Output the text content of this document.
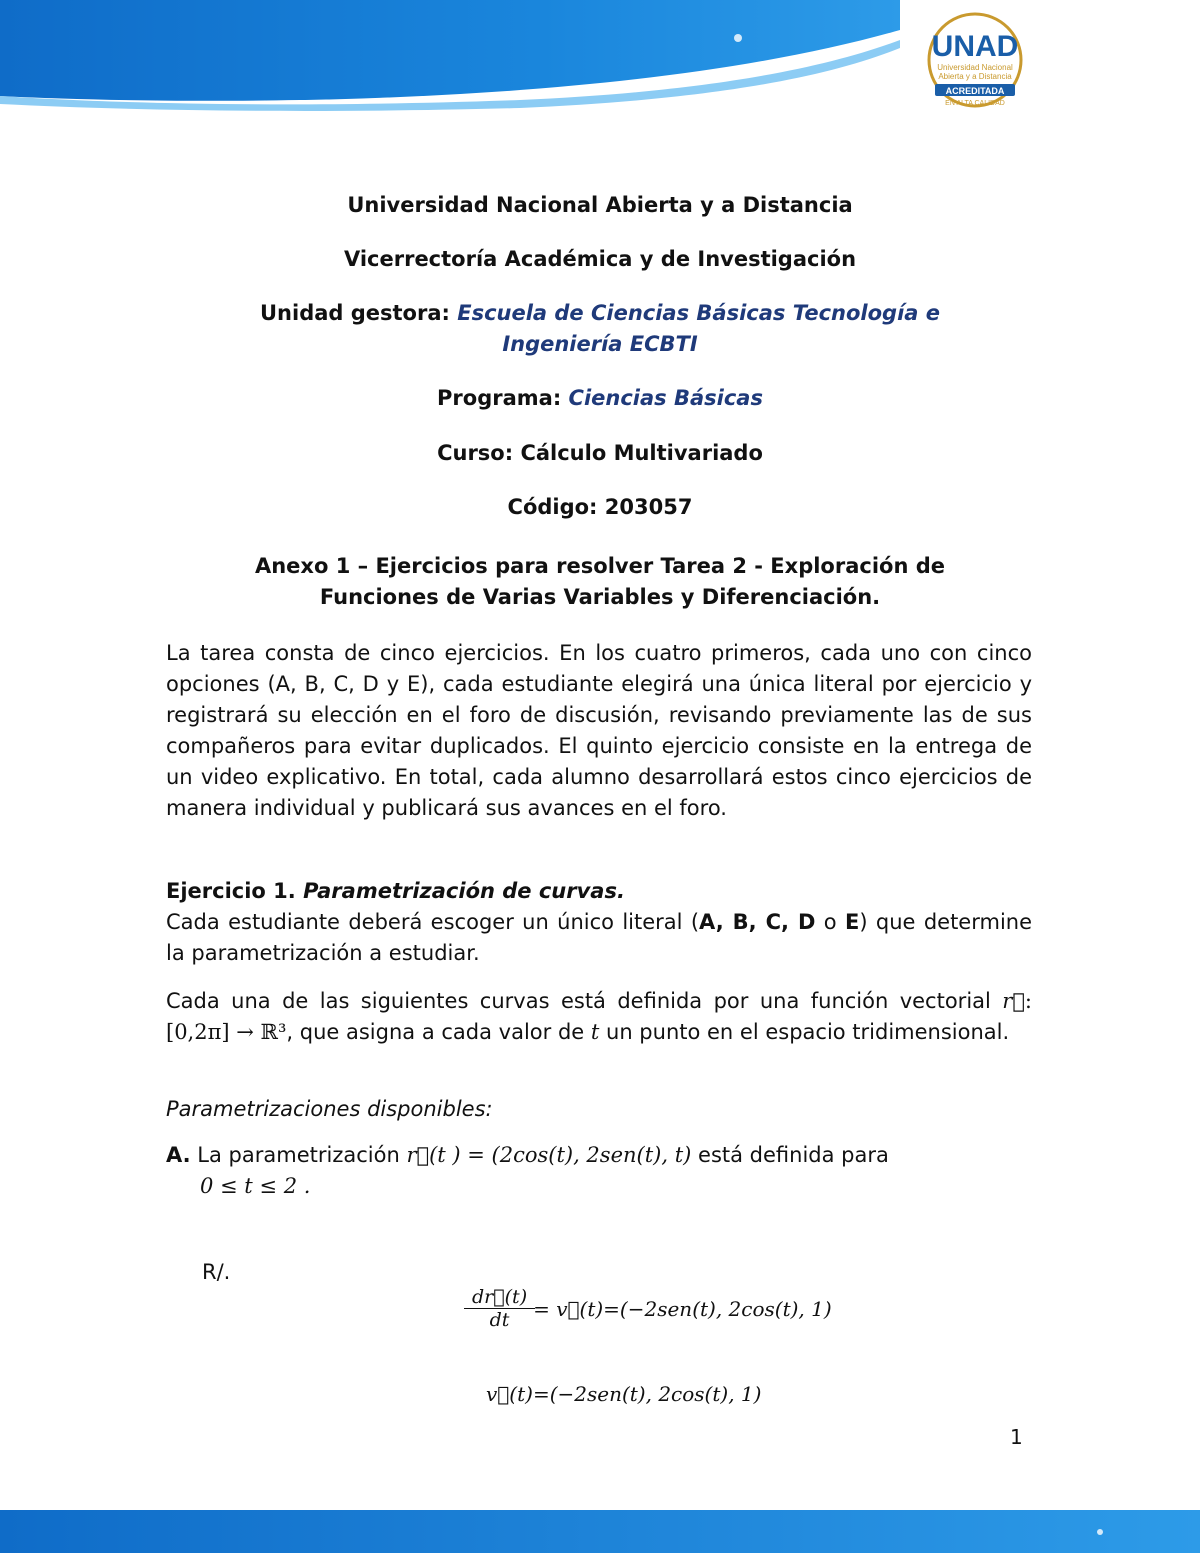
UNAD
Universidad Nacional
Abierta y a Distancia
ACREDITADA
EN ALTA CALIDAD
Universidad Nacional Abierta y a Distancia
Vicerrectoría Académica y de Investigación
Unidad gestora: Escuela de Ciencias Básicas Tecnología e
Ingeniería ECBTI
Programa: Ciencias Básicas
Curso: Cálculo Multivariado
Código: 203057
Anexo 1 – Ejercicios para resolver Tarea 2 - Exploración de
Funciones de Varias Variables y Diferenciación.
La tarea consta de cinco ejercicios. En los cuatro primeros, cada uno con cinco opciones (A, B, C, D y E), cada estudiante elegirá una única literal por ejercicio y registrará su elección en el foro de discusión, revisando previamente las de sus compañeros para evitar duplicados. El quinto ejercicio consiste en la entrega de un video explicativo. En total, cada alumno desarrollará estos cinco ejercicios de manera individual y publicará sus avances en el foro.
Ejercicio 1. Parametrización de curvas.
Cada estudiante deberá escoger un único literal (A, B, C, D o E) que determine la parametrización a estudiar.
Cada una de las siguientes curvas está definida por una función vectorial r⃗: [0,2π] → ℝ³, que asigna a cada valor de t un punto en el espacio tridimensional.
Parametrizaciones disponibles:
A. La parametrización r⃗(t ) = (2cos(t), 2sen(t), t) está definida para
0 ≤ t ≤ 2 .
R/.
$\frac{dr⃗(t)}{dt}$ = v⃗(t)=(−2sen(t), 2cos(t), 1)
v⃗(t)=(−2sen(t), 2cos(t), 1)
1
